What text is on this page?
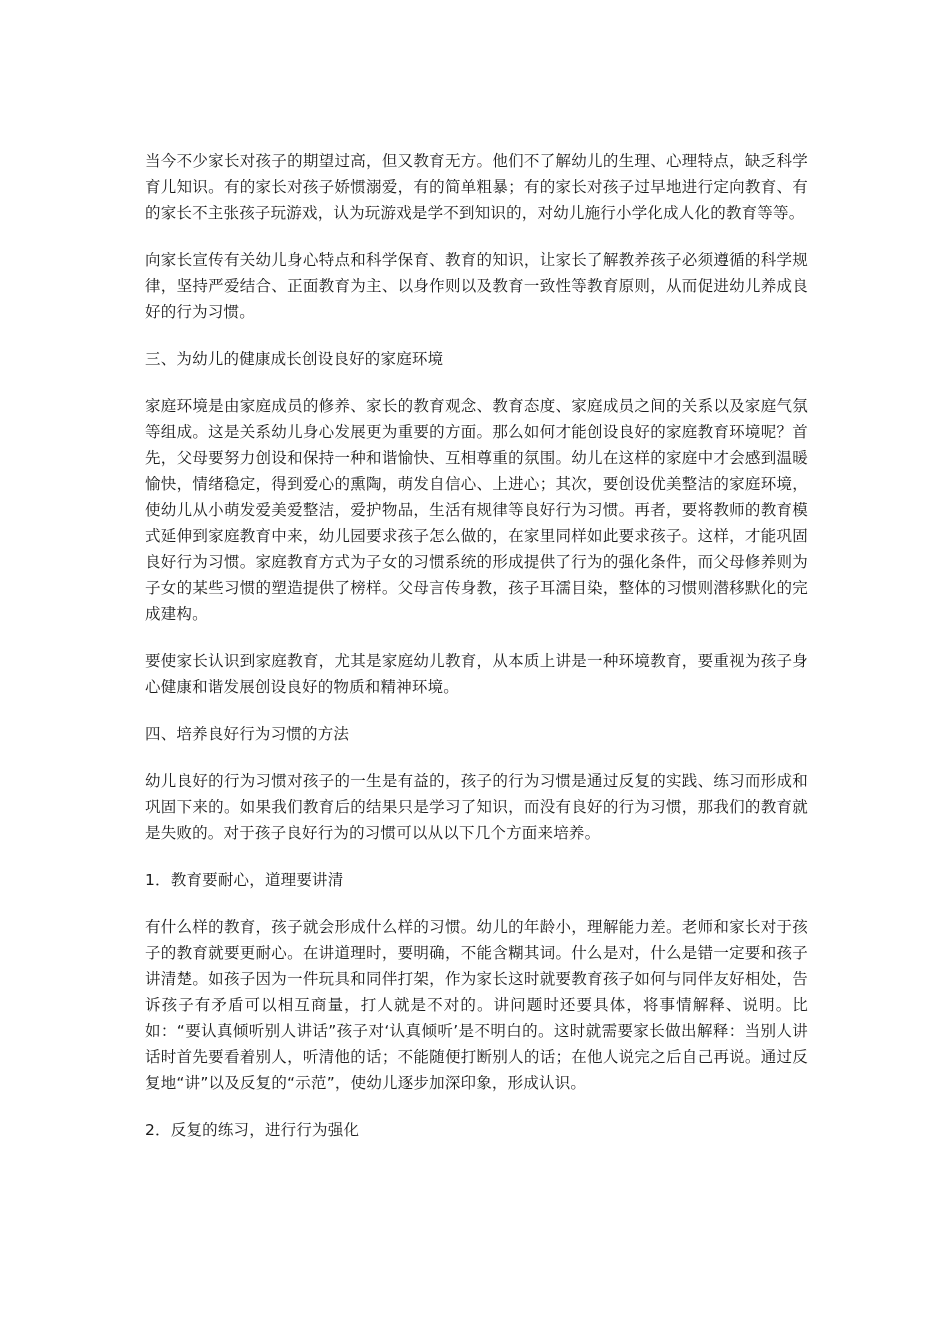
当今不少家长对孩子的期望过高，但又教育无方。他们不了解幼儿的生理、心理特点，缺乏科学育儿知识。有的家长对孩子娇惯溺爱，有的简单粗暴；有的家长对孩子过早地进行定向教育、有的家长不主张孩子玩游戏，认为玩游戏是学不到知识的，对幼儿施行小学化成人化的教育等等。

向家长宣传有关幼儿身心特点和科学保育、教育的知识，让家长了解教养孩子必须遵循的科学规律，坚持严爱结合、正面教育为主、以身作则以及教育一致性等教育原则，从而促进幼儿养成良好的行为习惯。

三、为幼儿的健康成长创设良好的家庭环境

家庭环境是由家庭成员的修养、家长的教育观念、教育态度、家庭成员之间的关系以及家庭气氛等组成。这是关系幼儿身心发展更为重要的方面。那么如何才能创设良好的家庭教育环境呢？首先，父母要努力创设和保持一种和谐愉快、互相尊重的氛围。幼儿在这样的家庭中才会感到温暖愉快，情绪稳定，得到爱心的熏陶，萌发自信心、上进心；其次，要创设优美整洁的家庭环境，使幼儿从小萌发爱美爱整洁，爱护物品，生活有规律等良好行为习惯。再者，要将教师的教育模式延伸到家庭教育中来，幼儿园要求孩子怎么做的，在家里同样如此要求孩子。这样，才能巩固良好行为习惯。家庭教育方式为子女的习惯系统的形成提供了行为的强化条件，而父母修养则为子女的某些习惯的塑造提供了榜样。父母言传身教，孩子耳濡目染，整体的习惯则潜移默化的完成建构。

要使家长认识到家庭教育，尤其是家庭幼儿教育，从本质上讲是一种环境教育，要重视为孩子身心健康和谐发展创设良好的物质和精神环境。

四、培养良好行为习惯的方法

幼儿良好的行为习惯对孩子的一生是有益的，孩子的行为习惯是通过反复的实践、练习而形成和巩固下来的。如果我们教育后的结果只是学习了知识，而没有良好的行为习惯，那我们的教育就是失败的。对于孩子良好行为的习惯可以从以下几个方面来培养。

1．教育要耐心，道理要讲清

有什么样的教育，孩子就会形成什么样的习惯。幼儿的年龄小，理解能力差。老师和家长对于孩子的教育就要更耐心。在讲道理时，要明确，不能含糊其词。什么是对，什么是错一定要和孩子讲清楚。如孩子因为一件玩具和同伴打架，作为家长这时就要教育孩子如何与同伴友好相处，告诉孩子有矛盾可以相互商量，打人就是不对的。讲问题时还要具体，将事情解释、说明。比如：“要认真倾听别人讲话”孩子对‘认真倾听’是不明白的。这时就需要家长做出解释：当别人讲话时首先要看着别人，听清他的话；不能随便打断别人的话；在他人说完之后自己再说。通过反复地“讲”以及反复的“示范”，使幼儿逐步加深印象，形成认识。

2．反复的练习，进行行为强化
